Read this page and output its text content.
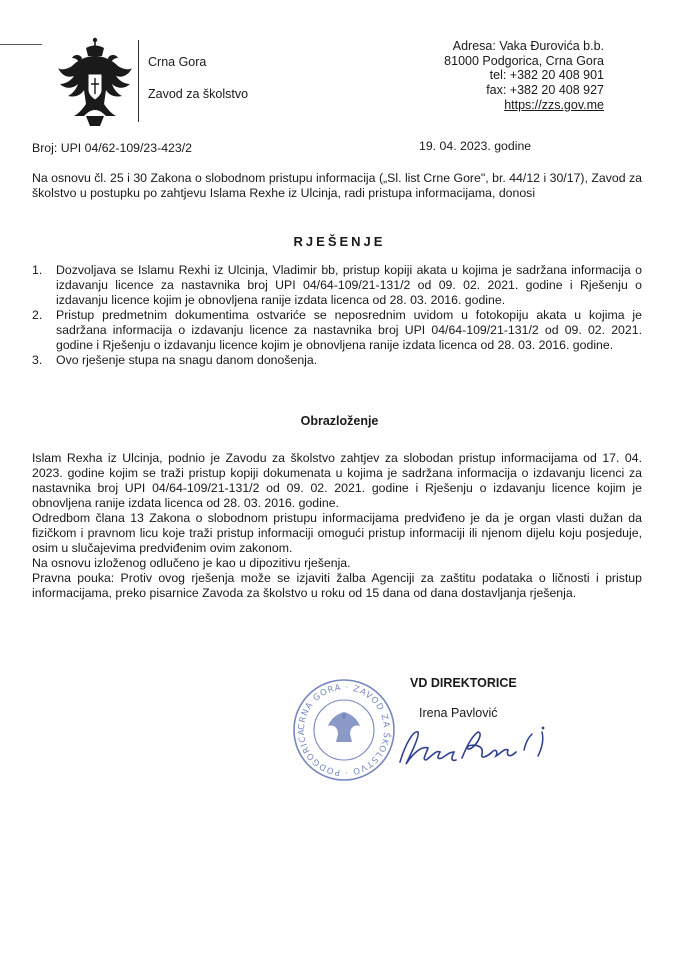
Crna Gora
Zavod za školstvo
Adresa: Vaka Đurovića b.b.
81000 Podgorica, Crna Gora
tel: +382 20 408 901
fax: +382 20 408 927
https://zzs.gov.me
Broj: UPI 04/62-109/23-423/2	19. 04. 2023. godine
Na osnovu čl. 25 i 30 Zakona o slobodnom pristupu informacija („Sl. list Crne Gore", br. 44/12 i 30/17), Zavod za školstvo u postupku po zahtjevu Islama Rexhe iz Ulcinja, radi pristupa informacijama, donosi
RJEŠENJE
1. Dozvoljava se Islamu Rexhi iz Ulcinja, Vladimir bb, pristup kopiji akata u kojima je sadržana informacija o izdavanju licence za nastavnika broj UPI 04/64-109/21-131/2 od 09. 02. 2021. godine i Rješenju o izdavanju licence kojim je obnovljena ranije izdata licenca od 28. 03. 2016. godine.
2. Pristup predmetnim dokumentima ostvariće se neposrednim uvidom u fotokopiju akata u kojima je sadržana informacija o izdavanju licence za nastavnika broj UPI 04/64-109/21-131/2 od 09. 02. 2021. godine i Rješenju o izdavanju licence kojim je obnovljena ranije izdata licenca od 28. 03. 2016. godine.
3. Ovo rješenje stupa na snagu danom donošenja.
Obrazloženje

Islam Rexha iz Ulcinja, podnio je Zavodu za školstvo zahtjev za slobodan pristup informacijama od 17. 04. 2023. godine kojim se traži pristup kopiji dokumenata u kojima je sadržana informacija o izdavanju licenci za nastavnika broj UPI 04/64-109/21-131/2 od 09. 02. 2021. godine i Rješenju o izdavanju licence kojim je obnovljena ranije izdata licenca od 28. 03. 2016. godine.

Odredbom člana 13 Zakona o slobodnom pristupu informacijama predviđeno je da je organ vlasti dužan da fizičkom i pravnom licu koje traži pristup informaciji omogući pristup informaciji ili njenom dijelu koju posjeduje, osim u slučajevima predviđenim ovim zakonom.

Na osnovu izloženog odlučeno je kao u dipozitivu rješenja.

Pravna pouka: Protiv ovog rješenja može se izjaviti žalba Agenciji za zaštitu podataka o ličnosti i pristup informacijama, preko pisarnice Zavoda za školstvo u roku od 15 dana od dana dostavljanja rješenja.

CRNA GORA · ZAVOD ZA ŠKOLSTVO · PODGORICA
VD DIREKTORICE
Irena Pavlović
